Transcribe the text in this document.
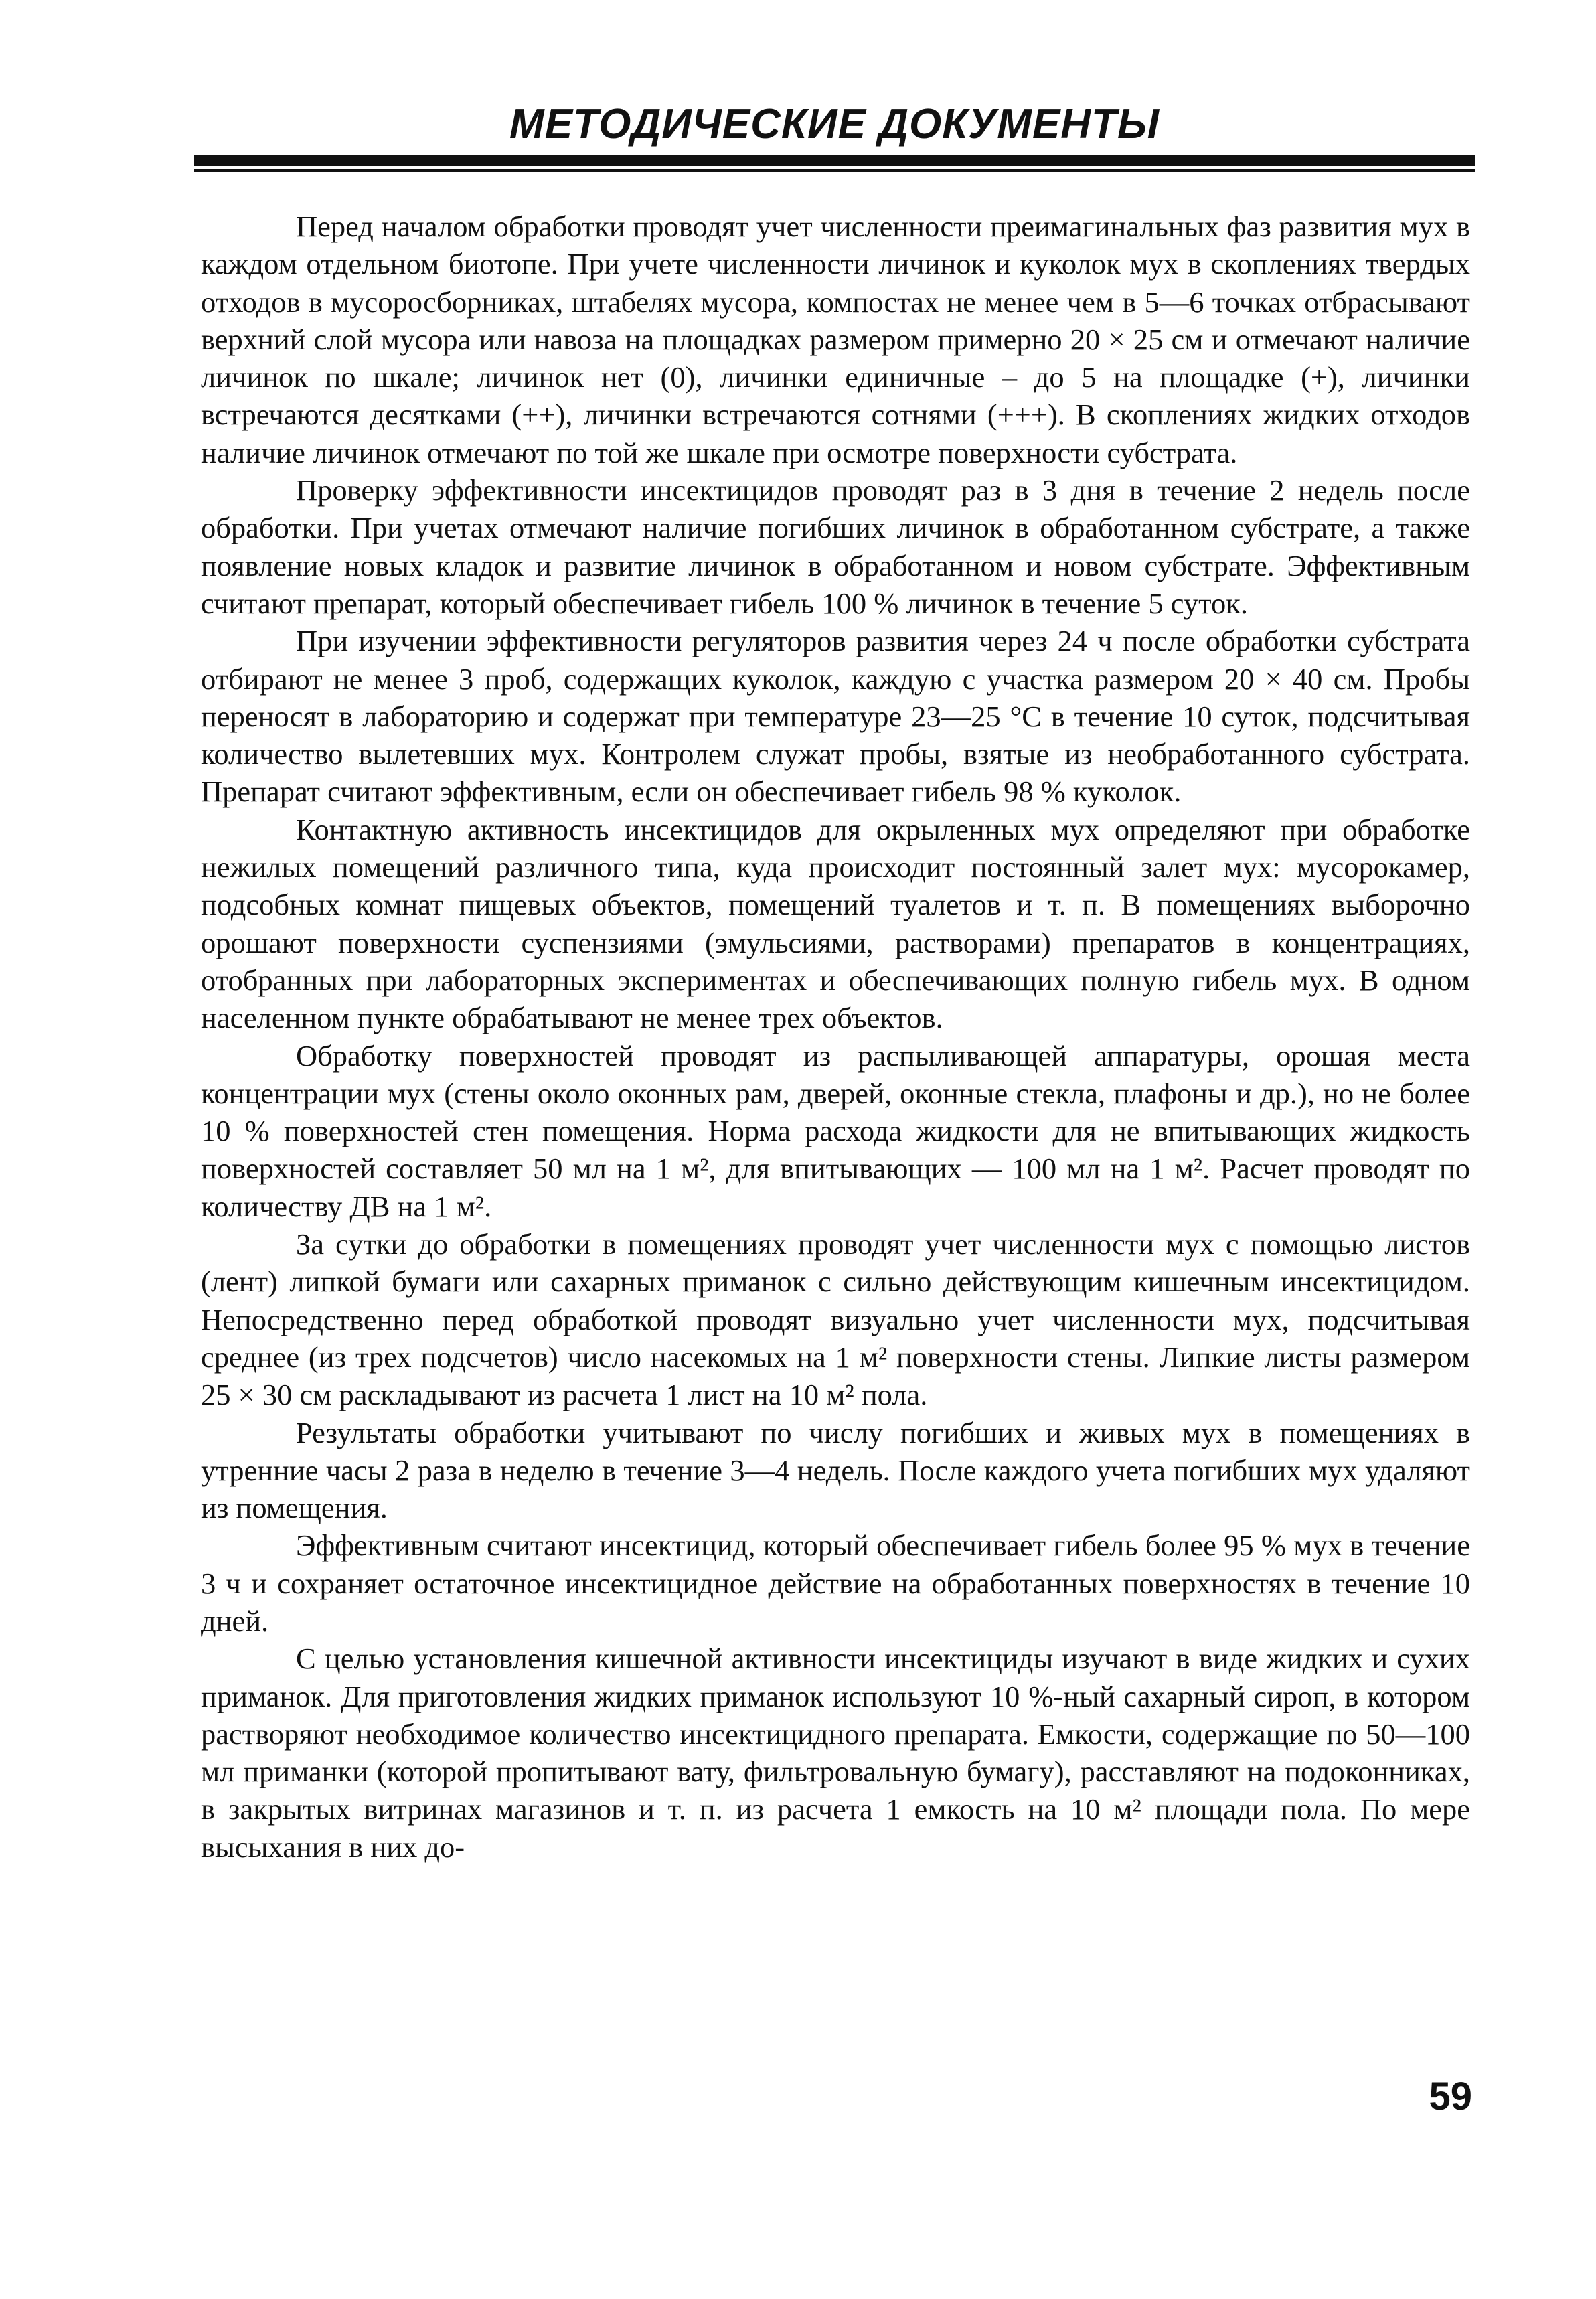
МЕТОДИЧЕСКИЕ ДОКУМЕНТЫ

Перед началом обработки проводят учет численности преимагинальных фаз развития мух в каждом отдельном биотопе. При учете численности личинок и куколок мух в скоплениях твердых отходов в мусоросборниках, штабелях мусора, компостах не менее чем в 5—6 точках отбрасывают верхний слой мусора или навоза на площадках размером примерно 20 × 25 см и отмечают наличие личинок по шкале; личинок нет (0), личинки единичные – до 5 на площадке (+), личинки встречаются десятками (++), личинки встречаются сотнями (+++). В скоплениях жидких отходов наличие личинок отмечают по той же шкале при осмотре поверхности субстрата.

Проверку эффективности инсектицидов проводят раз в 3 дня в течение 2 недель после обработки. При учетах отмечают наличие погибших личинок в обработанном субстрате, а также появление новых кладок и развитие личинок в обработанном и новом субстрате. Эффективным считают препарат, который обеспечивает гибель 100 % личинок в течение 5 суток.

При изучении эффективности регуляторов развития через 24 ч после обработки субстрата отбирают не менее 3 проб, содержащих куколок, каждую с участка размером 20 × 40 см. Пробы переносят в лабораторию и содержат при температуре 23—25 °С в течение 10 суток, подсчитывая количество вылетевших мух. Контролем служат пробы, взятые из необработанного субстрата. Препарат считают эффективным, если он обеспечивает гибель 98 % куколок.

Контактную активность инсектицидов для окрыленных мух определяют при обработке нежилых помещений различного типа, куда происходит постоянный залет мух: мусорокамер, подсобных комнат пищевых объектов, помещений туалетов и т. п. В помещениях выборочно орошают поверхности суспензиями (эмульсиями, растворами) препаратов в концентрациях, отобранных при лабораторных экспериментах и обеспечивающих полную гибель мух. В одном населенном пункте обрабатывают не менее трех объектов.

Обработку поверхностей проводят из распыливающей аппаратуры, орошая места концентрации мух (стены около оконных рам, дверей, оконные стекла, плафоны и др.), но не более 10 % поверхностей стен помещения. Норма расхода жидкости для не впитывающих жидкость поверхностей составляет 50 мл на 1 м², для впитывающих — 100 мл на 1 м². Расчет проводят по количеству ДВ на 1 м².

За сутки до обработки в помещениях проводят учет численности мух с помощью листов (лент) липкой бумаги или сахарных приманок с сильно действующим кишечным инсектицидом. Непосредственно перед обработкой проводят визуально учет численности мух, подсчитывая среднее (из трех подсчетов) число насекомых на 1 м² поверхности стены. Липкие листы размером 25 × 30 см раскладывают из расчета 1 лист на 10 м² пола.

Результаты обработки учитывают по числу погибших и живых мух в помещениях в утренние часы 2 раза в неделю в течение 3—4 недель. После каждого учета погибших мух удаляют из помещения.

Эффективным считают инсектицид, который обеспечивает гибель более 95 % мух в течение 3 ч и сохраняет остаточное инсектицидное действие на обработанных поверхностях в течение 10 дней.

С целью установления кишечной активности инсектициды изучают в виде жидких и сухих приманок. Для приготовления жидких приманок используют 10 %-ный сахарный сироп, в котором растворяют необходимое количество инсектицидного препарата. Емкости, содержащие по 50—100 мл приманки (которой пропитывают вату, фильтровальную бумагу), расставляют на подоконниках, в закрытых витринах магазинов и т. п. из расчета 1 емкость на 10 м² площади пола. По мере высыхания в них до-

59
